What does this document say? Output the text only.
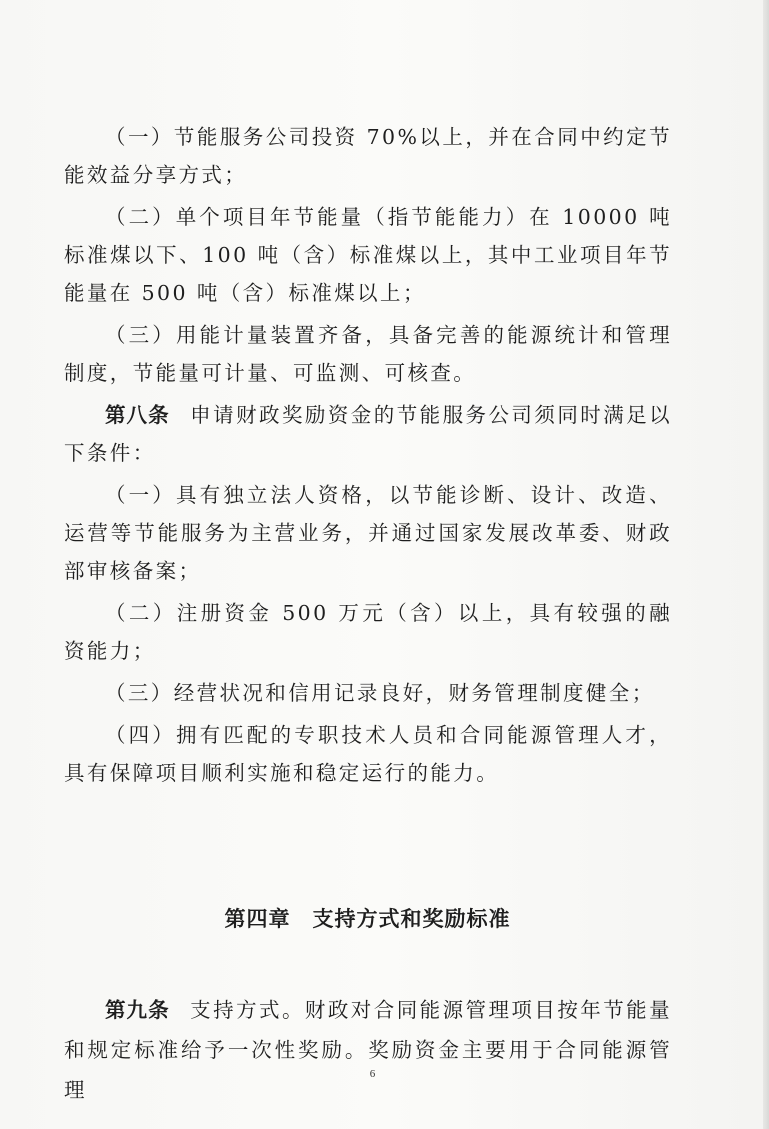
（一）节能服务公司投资 70%以上，并在合同中约定节能效益分享方式；

（二）单个项目年节能量（指节能能力）在 10000 吨标准煤以下、100 吨（含）标准煤以上，其中工业项目年节能量在 500 吨（含）标准煤以上；

（三）用能计量装置齐备，具备完善的能源统计和管理制度，节能量可计量、可监测、可核查。

第八条 申请财政奖励资金的节能服务公司须同时满足以下条件：

（一）具有独立法人资格，以节能诊断、设计、改造、运营等节能服务为主营业务，并通过国家发展改革委、财政部审核备案；

（二）注册资金 500 万元（含）以上，具有较强的融资能力；

（三）经营状况和信用记录良好，财务管理制度健全；

（四）拥有匹配的专职技术人员和合同能源管理人才，具有保障项目顺利实施和稳定运行的能力。

第四章 支持方式和奖励标准

第九条 支持方式。财政对合同能源管理项目按年节能量和规定标准给予一次性奖励。奖励资金主要用于合同能源管理

6
